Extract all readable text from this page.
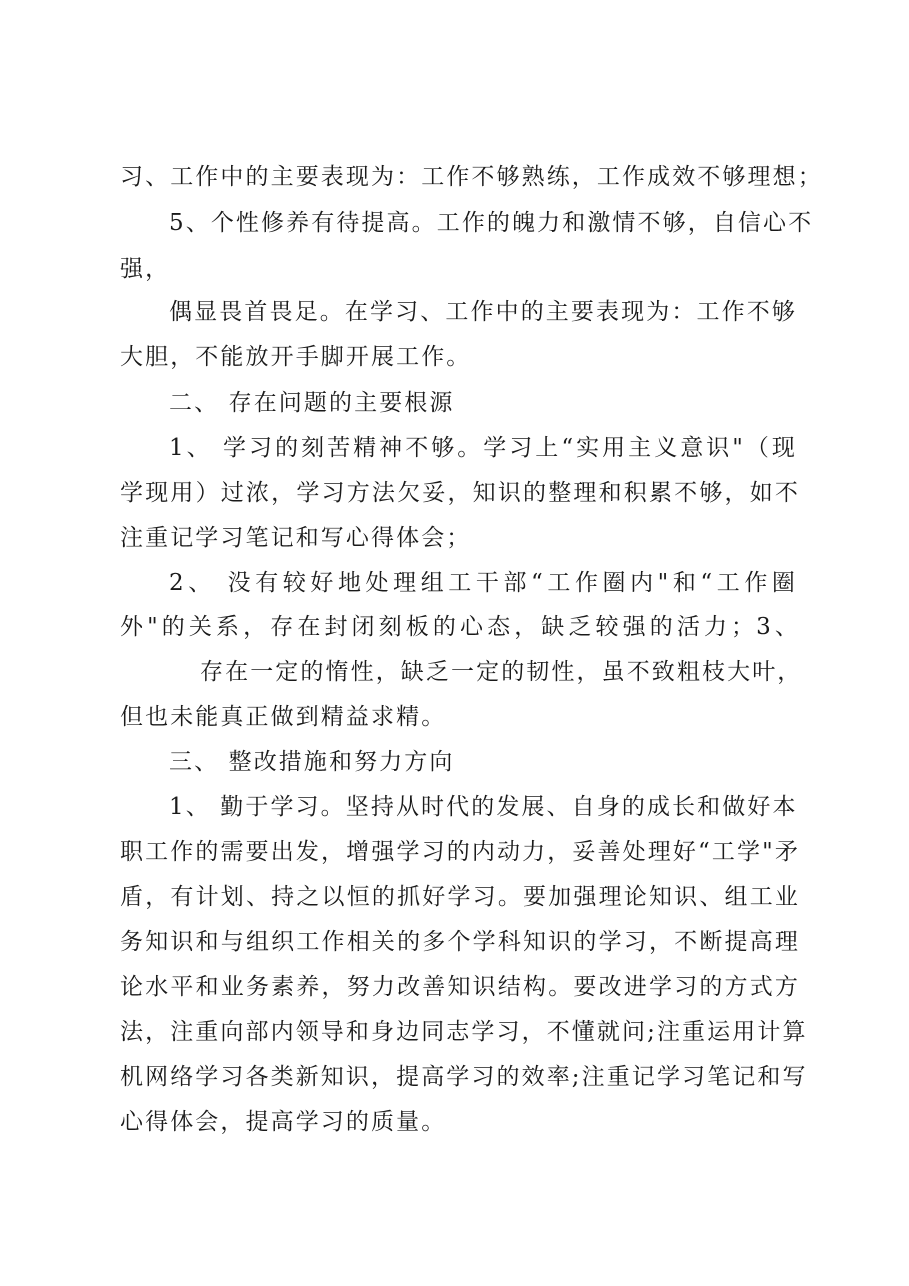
习、工作中的主要表现为：工作不够熟练，工作成效不够理想；
5、个性修养有待提高。工作的魄力和激情不够，自信心不
强，
偶显畏首畏足。在学习、工作中的主要表现为：工作不够
大胆，不能放开手脚开展工作。
二、 存在问题的主要根源
1、 学习的刻苦精神不够。学习上“实用主义意识"（现
学现用）过浓，学习方法欠妥，知识的整理和积累不够，如不
注重记学习笔记和写心得体会；
2、 没有较好地处理组工干部“工作圈内"和“工作圈
外"的关系，存在封闭刻板的心态，缺乏较强的活力；3、
存在一定的惰性，缺乏一定的韧性，虽不致粗枝大叶，
但也未能真正做到精益求精。
三、 整改措施和努力方向
1、 勤于学习。坚持从时代的发展、自身的成长和做好本
职工作的需要出发，增强学习的内动力，妥善处理好“工学"矛
盾，有计划、持之以恒的抓好学习。要加强理论知识、组工业
务知识和与组织工作相关的多个学科知识的学习，不断提高理
论水平和业务素养，努力改善知识结构。要改进学习的方式方
法，注重向部内领导和身边同志学习，不懂就问;注重运用计算
机网络学习各类新知识，提高学习的效率;注重记学习笔记和写
心得体会，提高学习的质量。
